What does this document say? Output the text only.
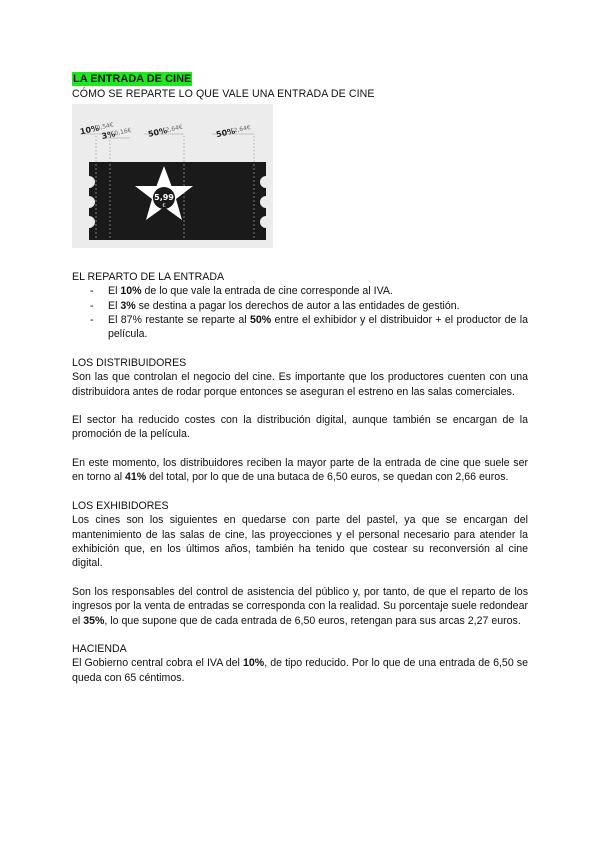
LA ENTRADA DE CINE
CÓMO SE REPARTE LO QUE VALE UNA ENTRADA DE CINE
10%
0,54€
3%
0,16€ 50%
2,64€	50%
2,64€
5,99
€
EL REPARTO DE LA ENTRADA
- El 10% de lo que vale la entrada de cine corresponde al IVA.
- El 3% se destina a pagar los derechos de autor a las entidades de gestión.
- El 87% restante se reparte al 50% entre el exhibidor y el distribuidor + el productor de la película.
LOS DISTRIBUIDORES

Son las que controlan el negocio del cine. Es importante que los productores cuenten con una distribuidora antes de rodar porque entonces se aseguran el estreno en las salas comerciales.

El sector ha reducido costes con la distribución digital, aunque también se encargan de la promoción de la película.

En este momento, los distribuidores reciben la mayor parte de la entrada de cine que suele ser en torno al 41% del total, por lo que de una butaca de 6,50 euros, se quedan con 2,66 euros.

LOS EXHIBIDORES

Los cines son los siguientes en quedarse con parte del pastel, ya que se encargan del mantenimiento de las salas de cine, las proyecciones y el personal necesario para atender la exhibición que, en los últimos años, también ha tenido que costear su reconversión al cine digital.

Son los responsables del control de asistencia del público y, por tanto, de que el reparto de los ingresos por la venta de entradas se corresponda con la realidad. Su porcentaje suele redondear el 35%, lo que supone que de cada entrada de 6,50 euros, retengan para sus arcas 2,27 euros.

HACIENDA

El Gobierno central cobra el IVA del 10%, de tipo reducido. Por lo que de una entrada de 6,50 se queda con 65 céntimos.
